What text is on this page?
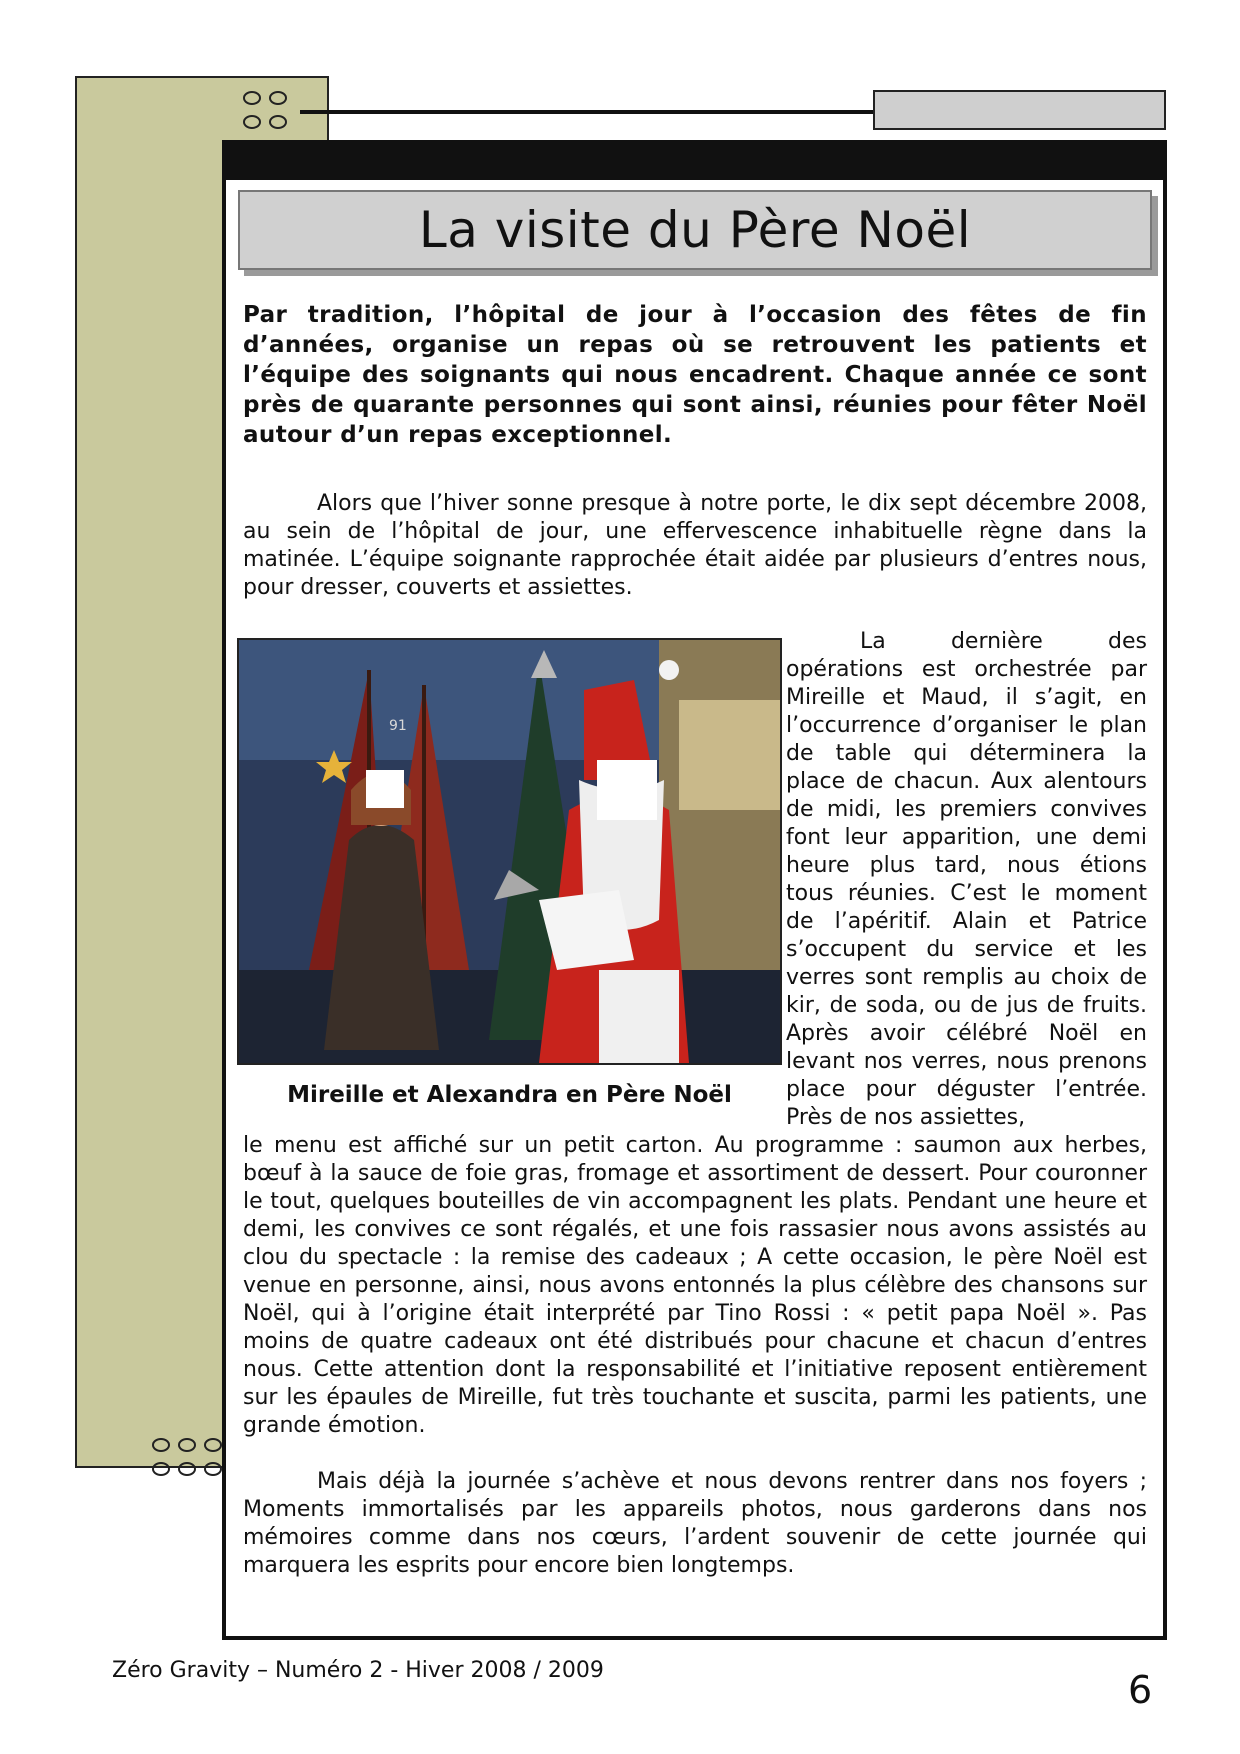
La visite du Père Noël

Par tradition, l’hôpital de jour à l’occasion des fêtes de fin d’années, organise un repas où se retrouvent les patients et l’équipe des soignants qui nous encadrent. Chaque année ce sont près de quarante personnes qui sont ainsi, réunies pour fêter Noël autour d’un repas exceptionnel.

Alors que l’hiver sonne presque à notre porte, le dix sept décembre 2008, au sein de l’hôpital de jour, une effervescence inhabituelle règne dans la matinée. L’équipe soignante rapprochée était aidée par plusieurs d’entres nous, pour dresser, couverts et assiettes.

91

Mireille et Alexandra en Père Noël

La dernière des opérations est orchestrée par Mireille et Maud, il s’agit, en l’occurrence d’organiser le plan de table qui déterminera la place de chacun. Aux alentours de midi, les premiers convives font leur apparition, une demi heure plus tard, nous étions tous réunies. C’est le moment de l’apéritif. Alain et Patrice s’occupent du service et les verres sont remplis au choix de kir, de soda, ou de jus de fruits. Après avoir célébré Noël en levant nos verres, nous prenons place pour déguster l’entrée. Près de nos assiettes,

le menu est affiché sur un petit carton. Au programme : saumon aux herbes, bœuf à la sauce de foie gras, fromage et assortiment de dessert. Pour couronner le tout, quelques bouteilles de vin accompagnent les plats. Pendant une heure et demi, les convives ce sont régalés, et une fois rassasier nous avons assistés au clou du spectacle : la remise des cadeaux ; A cette occasion, le père Noël est venue en personne, ainsi, nous avons entonnés la plus célèbre des chansons sur Noël, qui à l’origine était interprété par Tino Rossi : « petit papa Noël ». Pas moins de quatre cadeaux ont été distribués pour chacune et chacun d’entres nous. Cette attention dont la responsabilité et l’initiative reposent entièrement sur les épaules de Mireille, fut très touchante et suscita, parmi les patients, une grande émotion.

Mais déjà la journée s’achève et nous devons rentrer dans nos foyers ; Moments immortalisés par les appareils photos, nous garderons dans nos mémoires comme dans nos cœurs, l’ardent souvenir de cette journée qui marquera les esprits pour encore bien longtemps.

Zéro Gravity – Numéro 2 - Hiver 2008 / 2009	6
